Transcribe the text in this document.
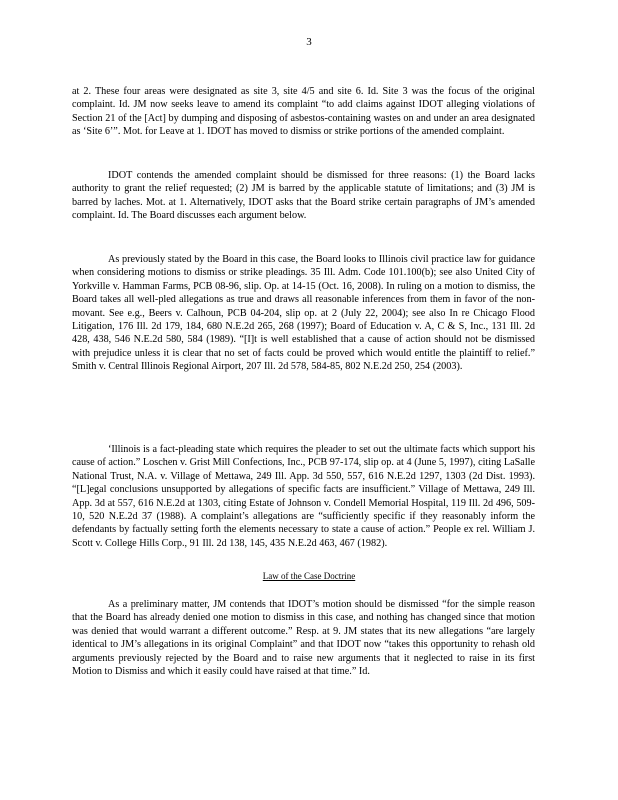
3

at 2. These four areas were designated as site 3, site 4/5 and site 6. Id. Site 3 was the focus of the original complaint. Id. JM now seeks leave to amend its complaint “to add claims against IDOT alleging violations of Section 21 of the [Act] by dumping and disposing of asbestos-containing wastes on and under an area designated as ‘Site 6’”. Mot. for Leave at 1. IDOT has moved to dismiss or strike portions of the amended complaint.

IDOT contends the amended complaint should be dismissed for three reasons: (1) the Board lacks authority to grant the relief requested; (2) JM is barred by the applicable statute of limitations; and (3) JM is barred by laches. Mot. at 1. Alternatively, IDOT asks that the Board strike certain paragraphs of JM’s amended complaint. Id. The Board discusses each argument below.

As previously stated by the Board in this case, the Board looks to Illinois civil practice law for guidance when considering motions to dismiss or strike pleadings. 35 Ill. Adm. Code 101.100(b); see also United City of Yorkville v. Hamman Farms, PCB 08-96, slip. Op. at 14-15 (Oct. 16, 2008). In ruling on a motion to dismiss, the Board takes all well-pled allegations as true and draws all reasonable inferences from them in favor of the non-movant. See e.g., Beers v. Calhoun, PCB 04-204, slip op. at 2 (July 22, 2004); see also In re Chicago Flood Litigation, 176 Ill. 2d 179, 184, 680 N.E.2d 265, 268 (1997); Board of Education v. A, C & S, Inc., 131 Ill. 2d 428, 438, 546 N.E.2d 580, 584 (1989). “[I]t is well established that a cause of action should not be dismissed with prejudice unless it is clear that no set of facts could be proved which would entitle the plaintiff to relief.” Smith v. Central Illinois Regional Airport, 207 Ill. 2d 578, 584-85, 802 N.E.2d 250, 254 (2003).

‘Illinois is a fact-pleading state which requires the pleader to set out the ultimate facts which support his cause of action.” Loschen v. Grist Mill Confections, Inc., PCB 97-174, slip op. at 4 (June 5, 1997), citing LaSalle National Trust, N.A. v. Village of Mettawa, 249 Ill. App. 3d 550, 557, 616 N.E.2d 1297, 1303 (2d Dist. 1993). “[L]egal conclusions unsupported by allegations of specific facts are insufficient.” Village of Mettawa, 249 Ill. App. 3d at 557, 616 N.E.2d at 1303, citing Estate of Johnson v. Condell Memorial Hospital, 119 Ill. 2d 496, 509-10, 520 N.E.2d 37 (1988). A complaint’s allegations are “sufficiently specific if they reasonably inform the defendants by factually setting forth the elements necessary to state a cause of action.” People ex rel. William J. Scott v. College Hills Corp., 91 Ill. 2d 138, 145, 435 N.E.2d 463, 467 (1982).

Law of the Case Doctrine

As a preliminary matter, JM contends that IDOT’s motion should be dismissed “for the simple reason that the Board has already denied one motion to dismiss in this case, and nothing has changed since that motion was denied that would warrant a different outcome.” Resp. at 9. JM states that its new allegations “are largely identical to JM’s allegations in its original Complaint” and that IDOT now “takes this opportunity to rehash old arguments previously rejected by the Board and to raise new arguments that it neglected to raise in its first Motion to Dismiss and which it easily could have raised at that time.” Id.
